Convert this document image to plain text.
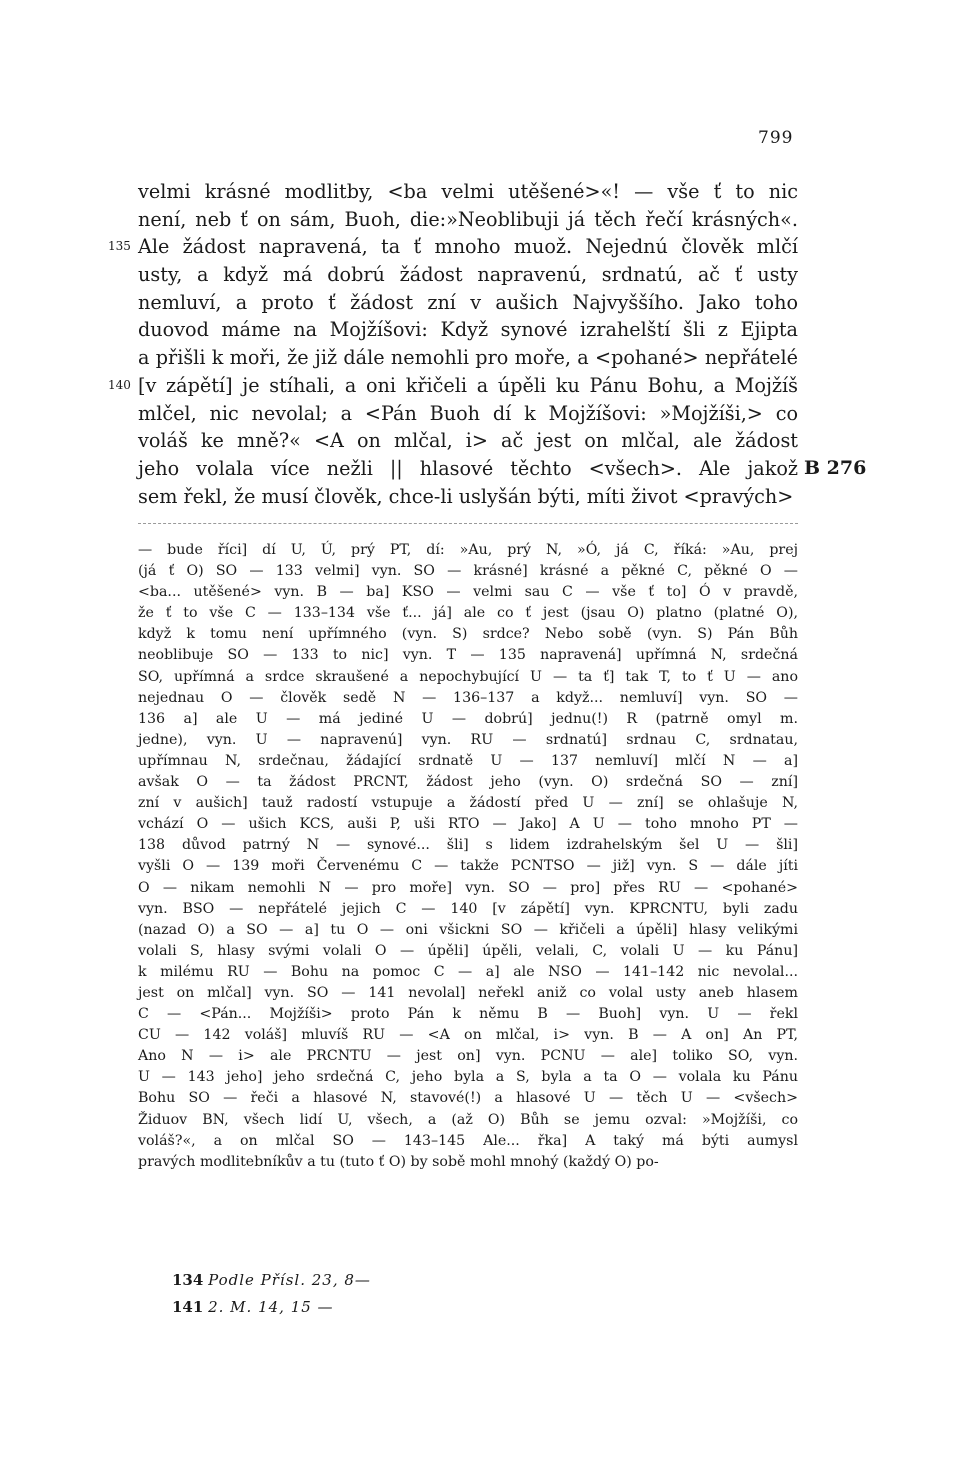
799
velmi krásné modlitby, <ba velmi utěšené>«! — vše ť to nic
není, neb ť on sám, Buoh, die:»Neoblibuji já těch řečí krásných«.
135 Ale žádost napravená, ta ť mnoho muož. Nejednú člověk mlčí
usty, a když má dobrú žádost napravenú, srdnatú, ač ť usty
nemluví, a proto ť žádost zní v aušich Najvyššího. Jako toho
duovod máme na Mojžíšovi: Když synové izrahelští šli z Ejipta
a přišli k moři, že již dále nemohli pro moře, a <pohané> nepřátelé
140 [v zápětí] je stíhali, a oni křičeli a úpěli ku Pánu Bohu, a Mojžíš
mlčel, nic nevolal; a <Pán Buoh dí k Mojžíšovi: »Mojžíši,> co
voláš ke mně?« <A on mlčal, i> ač jest on mlčal, ale žádost
jeho volala více nežli || hlasové těchto <všech>. Ale jakož B 276
sem řekl, že musí člověk, chce-li uslyšán býti, míti život <pravých>
— bude říci] dí U, Ú, prý PT, dí: »Au, prý N, »Ó, já C, říká: »Au, prej
(já ť O) SO — 133 velmi] vyn. SO — krásné] krásné a pěkné C, pěkné O —
<ba... utěšené> vyn. B — ba] KSO — velmi sau C — vše ť to] Ó v pravdě,
že ť to vše C — 133–134 vše ť... já] ale co ť jest (jsau O) platno (platné O),
když k tomu není upřímného (vyn. S) srdce? Nebo sobě (vyn. S) Pán Bůh
neoblibuje SO — 133 to nic] vyn. T — 135 napravená] upřímná N, srdečná
SO, upřímná a srdce skraušené a nepochybující U — ta ť] tak T, to ť U — ano
nejednau O — člověk sedě N — 136–137 a když... nemluví] vyn. SO —
136 a] ale U — má jediné U — dobrú] jednu(!) R (patrně omyl m.
jedne), vyn. U — napravenú] vyn. RU — srdnatú] srdnau C, srdnatau,
upřímnau N, srdečnau, žádající srdnatě U — 137 nemluví] mlčí N — a]
avšak O — ta žádost PRCNT, žádost jeho (vyn. O) srdečná SO — zní]
zní v aušich] tauž radostí vstupuje a žádostí před U — zní] se ohlašuje N,
vchází O — ušich KCS, auši P, uši RTO — Jako] A U — toho mnoho PT —
138 důvod patrný N — synové... šli] s lidem izdrahelským šel U — šli]
vyšli O — 139 moři Červenému C — takže PCNTSO — již] vyn. S — dále jíti
O — nikam nemohli N — pro moře] vyn. SO — pro] přes RU — <pohané>
vyn. BSO — nepřátelé jejich C — 140 [v zápětí] vyn. KPRCNTU, byli zadu
(nazad O) a SO — a] tu O — oni všickni SO — křičeli a úpěli] hlasy velikými
volali S, hlasy svými volali O — úpěli] úpěli, velali, C, volali U — ku Pánu]
k milému RU — Bohu na pomoc C — a] ale NSO — 141–142 nic nevolal...
jest on mlčal] vyn. SO — 141 nevolal] neřekl aniž co volal usty aneb hlasem
C — <Pán... Mojžíši> proto Pán k němu B — Buoh] vyn. U — řekl
CU — 142 voláš] mluvíš RU — <A on mlčal, i> vyn. B — A on] An PT,
Ano N — i> ale PRCNTU — jest on] vyn. PCNU — ale] toliko SO, vyn.
U — 143 jeho] jeho srdečná C, jeho byla a S, byla a ta O — volala ku Pánu
Bohu SO — řeči a hlasové N, stavové(!) a hlasové U — těch U — <všech>
Židuov BN, všech lidí U, všech, a (až O) Bůh se jemu ozval: »Mojžíši, co
voláš?«, a on mlčal SO — 143–145 Ale... řka] A taký má býti aumysl
pravých modlitebníkův a tu (tuto ť O) by sobě mohl mnohý (každý O) po-
134 Podle Přísl. 23, 8—
141 2. M. 14, 15 —
